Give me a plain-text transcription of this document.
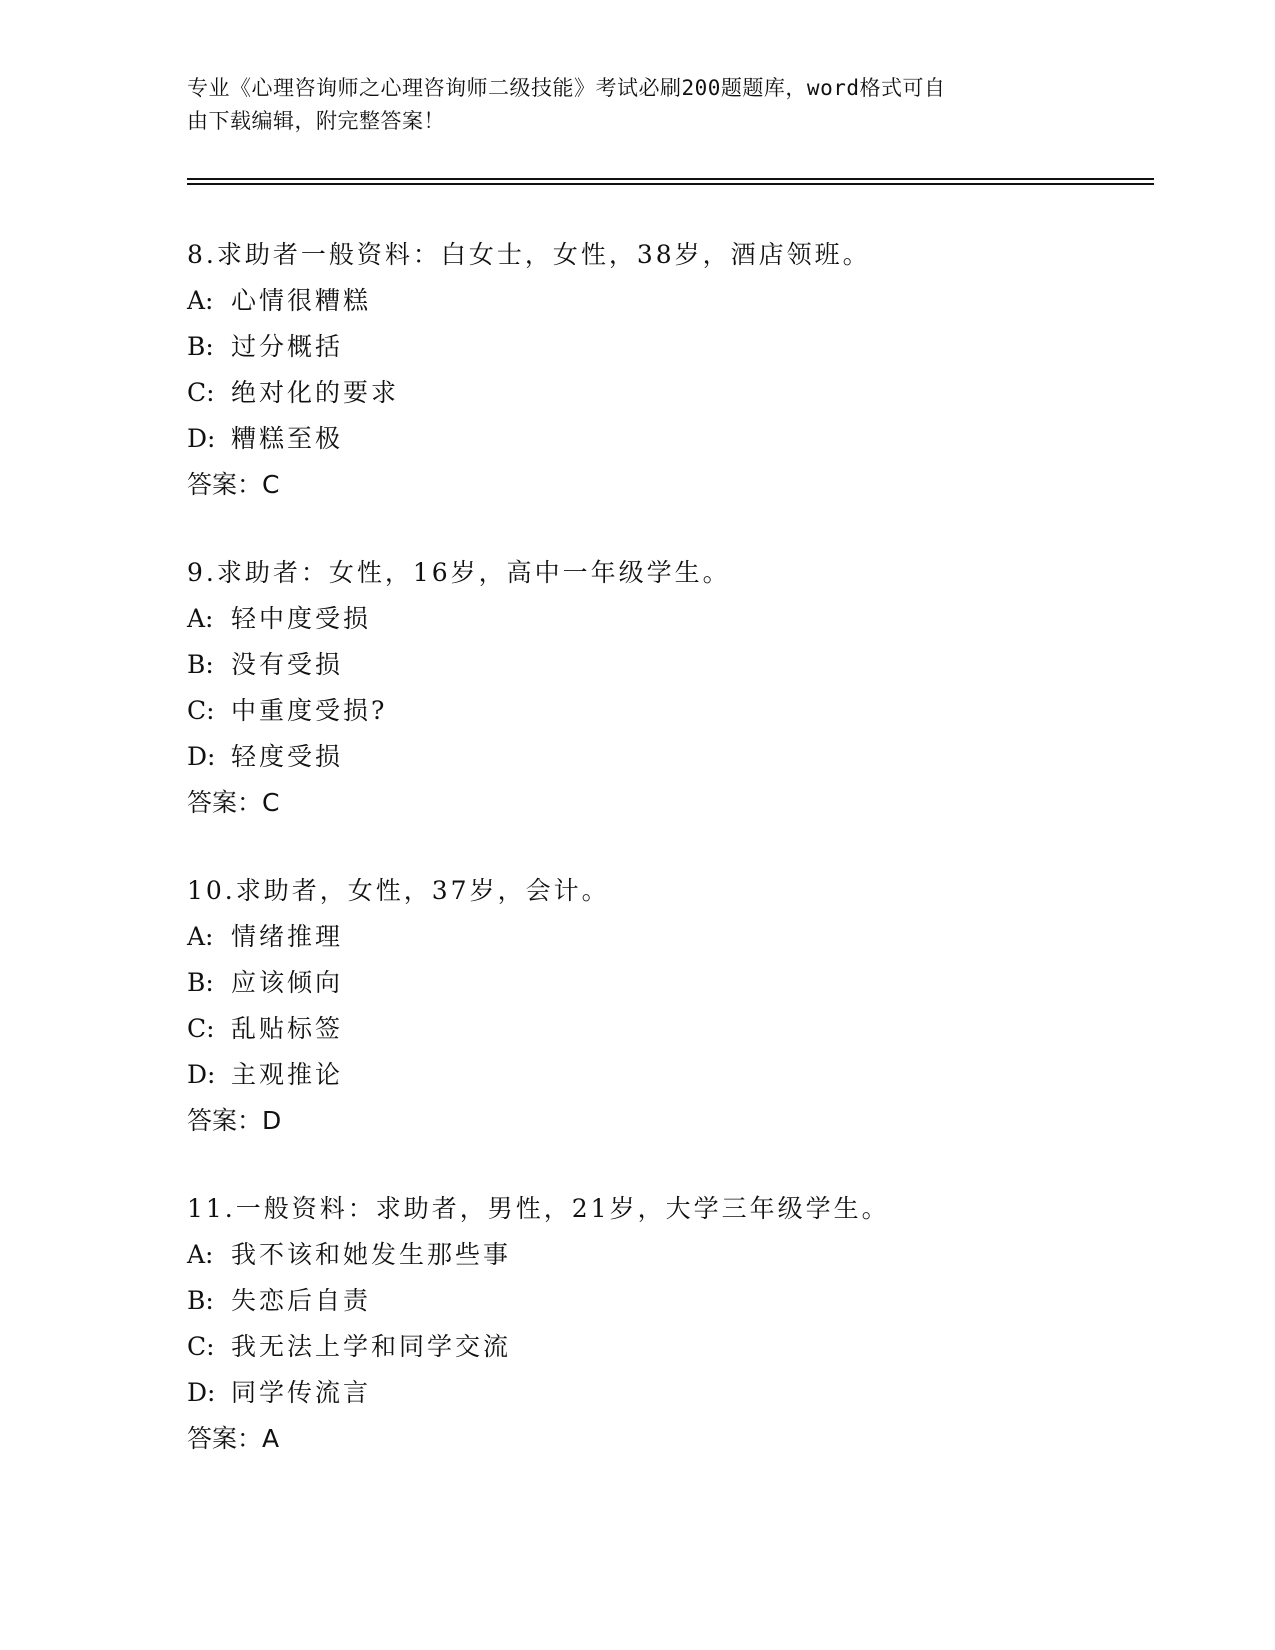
专业《心理咨询师之心理咨询师二级技能》考试必刷200题题库，word格式可自
由下载编辑，附完整答案！
8.求助者一般资料：白女士，女性，38岁，酒店领班。
A: 心情很糟糕
B: 过分概括
C: 绝对化的要求
D: 糟糕至极
答案：C
9.求助者：女性，16岁，高中一年级学生。
A: 轻中度受损
B: 没有受损
C: 中重度受损?
D: 轻度受损
答案：C
10.求助者，女性，37岁，会计。
A: 情绪推理
B: 应该倾向
C: 乱贴标签
D: 主观推论
答案：D
11.一般资料：求助者，男性，21岁，大学三年级学生。
A: 我不该和她发生那些事
B: 失恋后自责
C: 我无法上学和同学交流
D: 同学传流言
答案：A
